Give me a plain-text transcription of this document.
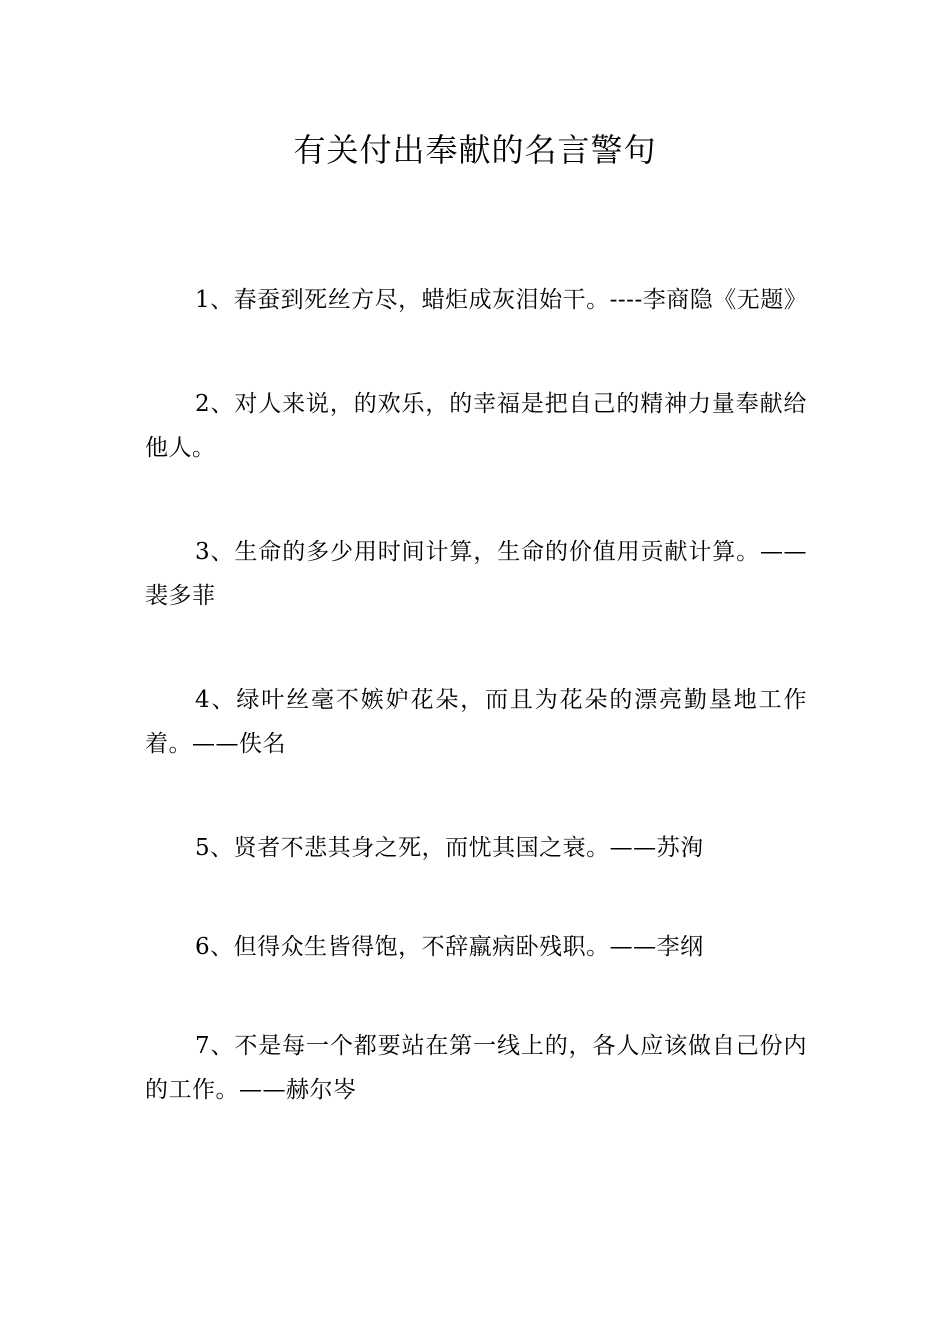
有关付出奉献的名言警句

1、春蚕到死丝方尽，蜡炬成灰泪始干。----李商隐《无题》

2、对人来说，的欢乐，的幸福是把自己的精神力量奉献给他人。

3、生命的多少用时间计算，生命的价值用贡献计算。——裴多菲

4、绿叶丝毫不嫉妒花朵，而且为花朵的漂亮勤垦地工作着。——佚名

5、贤者不悲其身之死，而忧其国之衰。——苏洵

6、但得众生皆得饱，不辞羸病卧残职。——李纲

7、不是每一个都要站在第一线上的，各人应该做自己份内的工作。——赫尔岑
